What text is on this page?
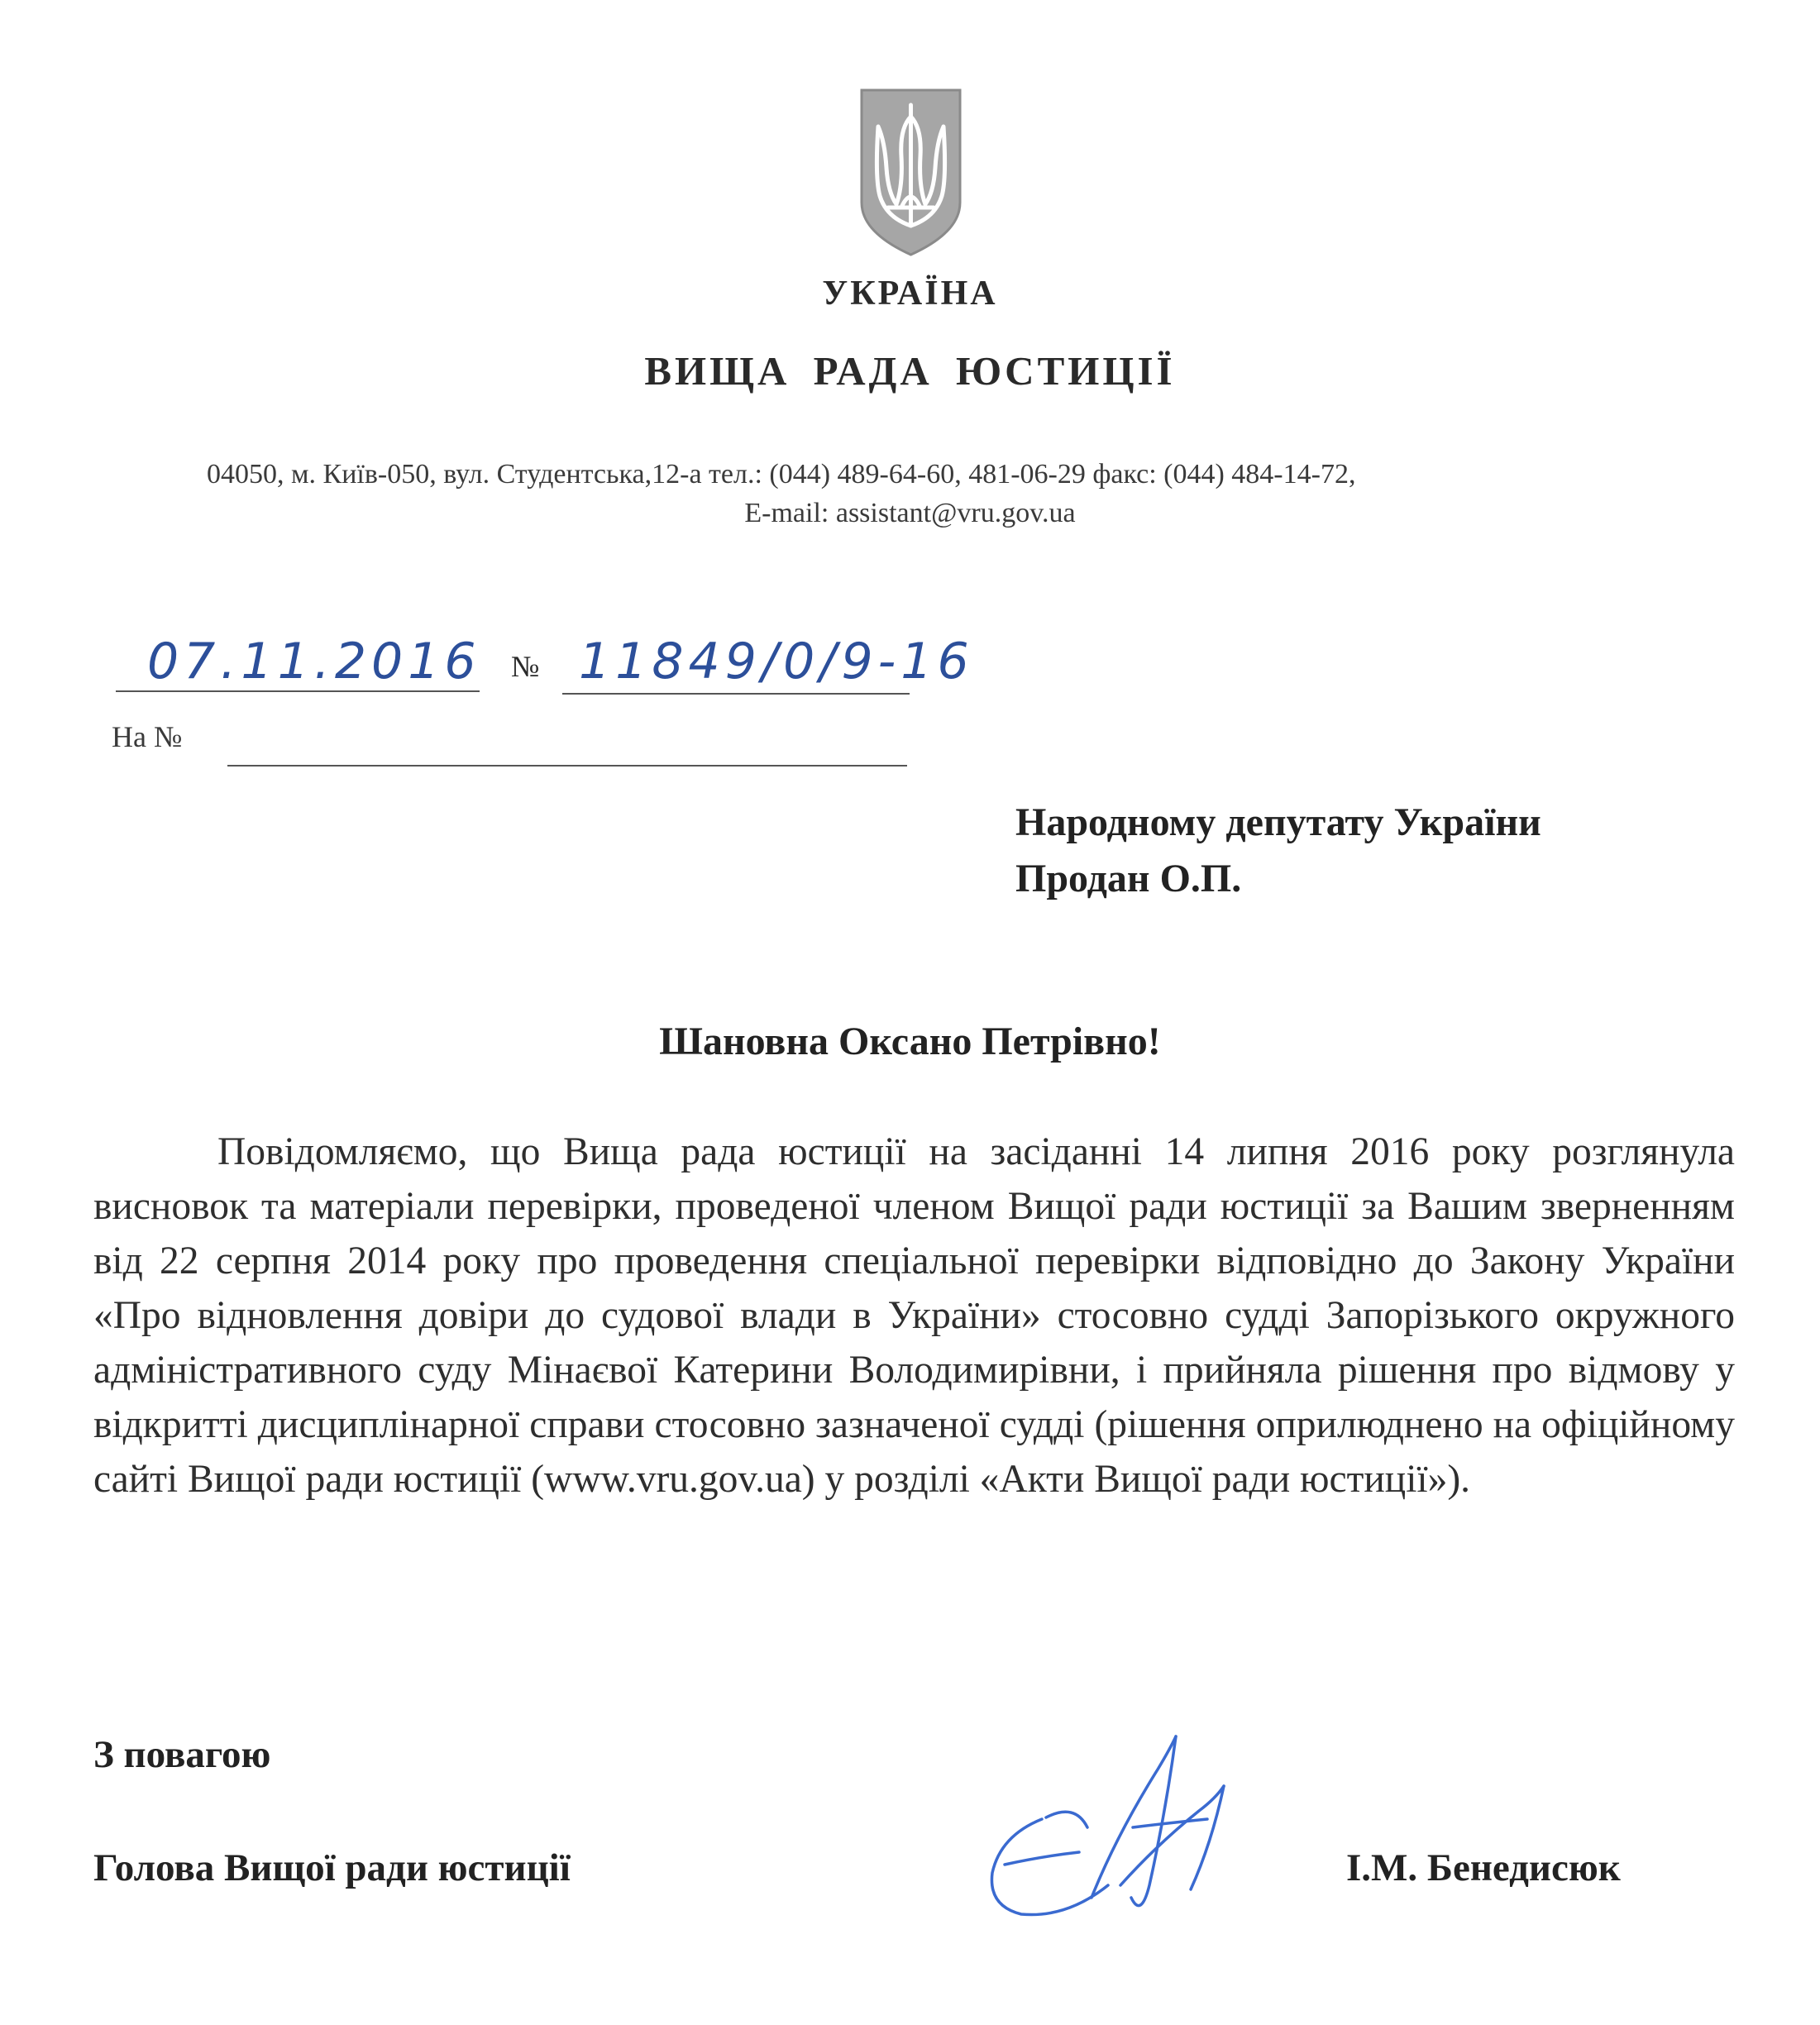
УКРАЇНА
ВИЩА РАДА ЮСТИЦІЇ
04050, м. Київ-050, вул. Студентська,12-а тел.: (044) 489-64-60, 481-06-29 факс: (044) 484-14-72,
E-mail: assistant@vru.gov.ua
07.11.2016 № 11849/0/9-16
На №
Народному депутату України
Продан О.П.
Шановна Оксано Петрівно!
Повідомляємо, що Вища рада юстиції на засіданні 14 липня 2016 року розглянула висновок та матеріали перевірки, проведеної членом Вищої ради юстиції за Вашим зверненням від 22 серпня 2014 року про проведення спеціальної перевірки відповідно до Закону України «Про відновлення довіри до судової влади в України» стосовно судді Запорізького окружного адміністративного суду Мінаєвої Катерини Володимирівни, і прийняла рішення про відмову у відкритті дисциплінарної справи стосовно зазначеної судді (рішення оприлюднено на офіційному сайті Вищої ради юстиції (www.vru.gov.ua) у розділі «Акти Вищої ради юстиції»).
З повагою
Голова Вищої ради юстиції	І.М. Бенедисюк
